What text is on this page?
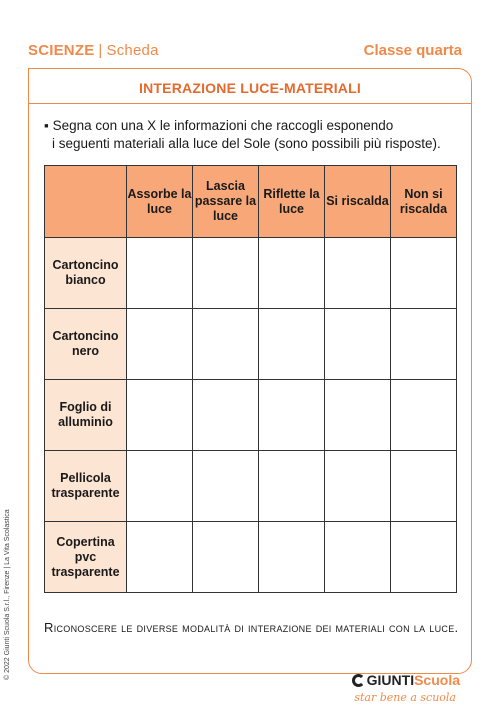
SCIENZE | Scheda	Classe quarta
INTERAZIONE LUCE-MATERIALI
▪ Segna con una X le informazioni che raccogli esponendo
i seguenti materiali alla luce del Sole (sono possibili più risposte).
	Assorbe la luce	Lascia passare la luce	Riflette la luce	Si riscalda	Non si riscalda
Cartoncino bianco					
Cartoncino nero					
Foglio di alluminio					
Pellicola trasparente					
Copertina pvc trasparente					
Riconoscere le diverse modalità di interazione dei materiali con la luce.
© 2022 Giunti Scuola S.r.l., Firenze | La Vita Scolastica	GIUNTIScuola
star bene a scuola
